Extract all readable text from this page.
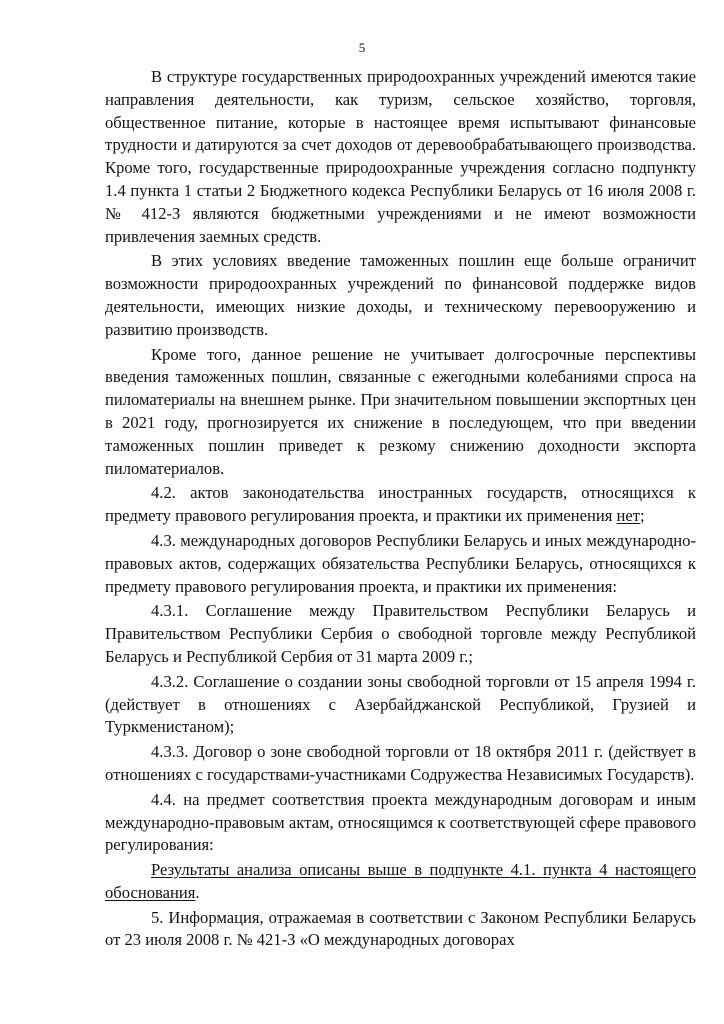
5

В структуре государственных природоохранных учреждений имеются такие направления деятельности, как туризм, сельское хозяйство, торговля, общественное питание, которые в настоящее время испытывают финансовые трудности и датируются за счет доходов от деревообрабатывающего производства. Кроме того, государственные природоохранные учреждения согласно подпункту 1.4 пункта 1 статьи 2 Бюджетного кодекса Республики Беларусь от 16 июля 2008 г. № 412-З являются бюджетными учреждениями и не имеют возможности привлечения заемных средств.

В этих условиях введение таможенных пошлин еще больше ограничит возможности природоохранных учреждений по финансовой поддержке видов деятельности, имеющих низкие доходы, и техническому перевооружению и развитию производств.

Кроме того, данное решение не учитывает долгосрочные перспективы введения таможенных пошлин, связанные с ежегодными колебаниями спроса на пиломатериалы на внешнем рынке. При значительном повышении экспортных цен в 2021 году, прогнозируется их снижение в последующем, что при введении таможенных пошлин приведет к резкому снижению доходности экспорта пиломатериалов.

4.2. актов законодательства иностранных государств, относящихся к предмету правового регулирования проекта, и практики их применения нет;

4.3. международных договоров Республики Беларусь и иных международно-правовых актов, содержащих обязательства Республики Беларусь, относящихся к предмету правового регулирования проекта, и практики их применения:

4.3.1. Соглашение между Правительством Республики Беларусь и Правительством Республики Сербия о свободной торговле между Республикой Беларусь и Республикой Сербия от 31 марта 2009 г.;

4.3.2. Соглашение о создании зоны свободной торговли от 15 апреля 1994 г. (действует в отношениях с Азербайджанской Республикой, Грузией и Туркменистаном);

4.3.3. Договор о зоне свободной торговли от 18 октября 2011 г. (действует в отношениях с государствами-участниками Содружества Независимых Государств).

4.4. на предмет соответствия проекта международным договорам и иным международно-правовым актам, относящимся к соответствующей сфере правового регулирования:

Результаты анализа описаны выше в подпункте 4.1. пункта 4 настоящего обоснования.

5. Информация, отражаемая в соответствии с Законом Республики Беларусь от 23 июля 2008 г. № 421-З «О международных договорах
